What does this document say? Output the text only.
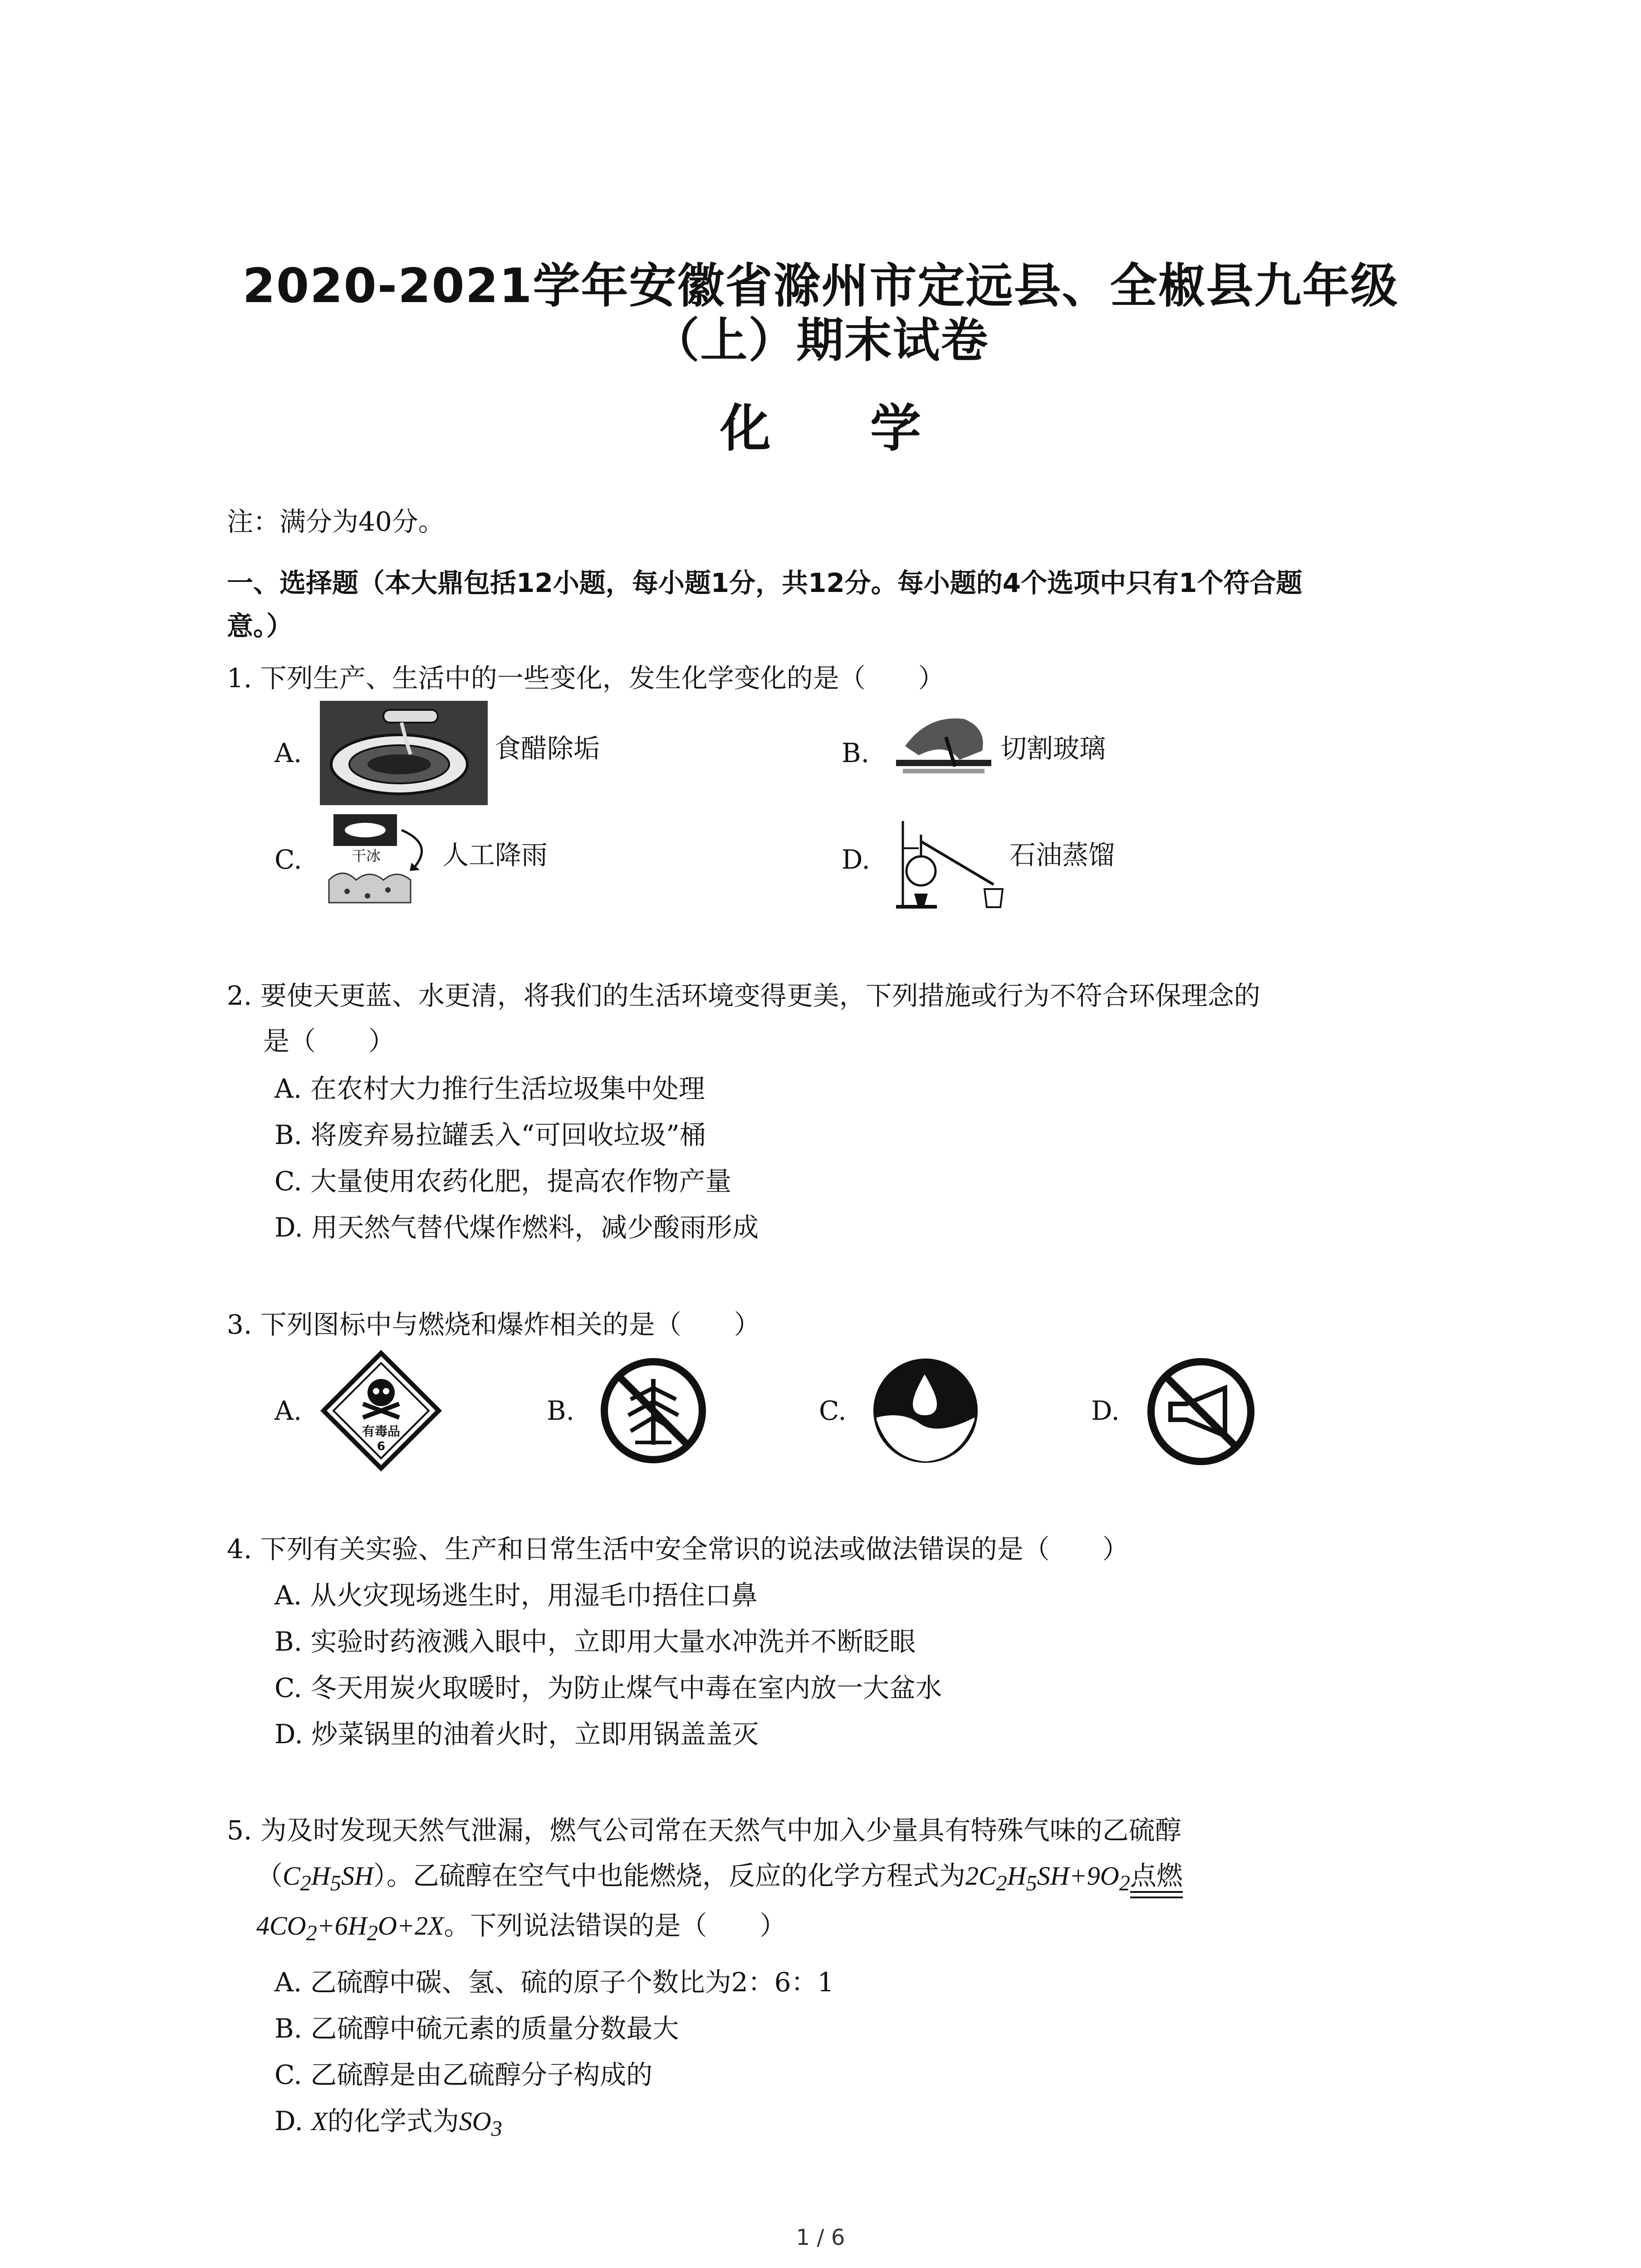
2020-2021学年安徽省滁州市定远县、全椒县九年级
（上）期末试卷
化 学
注：满分为40分。
一、选择题（本大鼎包括12小题，每小题1分，共12分。每小题的4个选项中只有1个符合题
意。）
1. 下列生产、生活中的一些变化，发生化学变化的是（　　）
A.	食醋除垢	B.	切割玻璃
C.	干冰 人工降雨	D.	石油蒸馏
2. 要使天更蓝、水更清，将我们的生活环境变得更美，下列措施或行为不符合环保理念的
是（　　）
A. 在农村大力推行生活垃圾集中处理
B. 将废弃易拉罐丢入“可回收垃圾”桶
C. 大量使用农药化肥，提高农作物产量
D. 用天然气替代煤作燃料，减少酸雨形成
3. 下列图标中与燃烧和爆炸相关的是（　　）
A.
有毒品
6
B.	C.	D.
4. 下列有关实验、生产和日常生活中安全常识的说法或做法错误的是（　　）
A. 从火灾现场逃生时，用湿毛巾捂住口鼻
B. 实验时药液溅入眼中，立即用大量水冲洗并不断眨眼
C. 冬天用炭火取暖时，为防止煤气中毒在室内放一大盆水
D. 炒菜锅里的油着火时，立即用锅盖盖灭
5. 为及时发现天然气泄漏，燃气公司常在天然气中加入少量具有特殊气味的乙硫醇
$(C_2H_5SH)$。乙硫醇在空气中也能燃烧，反应的化学方程式为$2C_2H_5SH+9O_2$点燃
$4CO_2+6H_2O+2X$。下列说法错误的是（　　）
A. 乙硫醇中碳、氢、硫的原子个数比为2：6：1
B. 乙硫醇中硫元素的质量分数最大
C. 乙硫醇是由乙硫醇分子构成的
D. X的化学式为$SO_3$
1 / 6
